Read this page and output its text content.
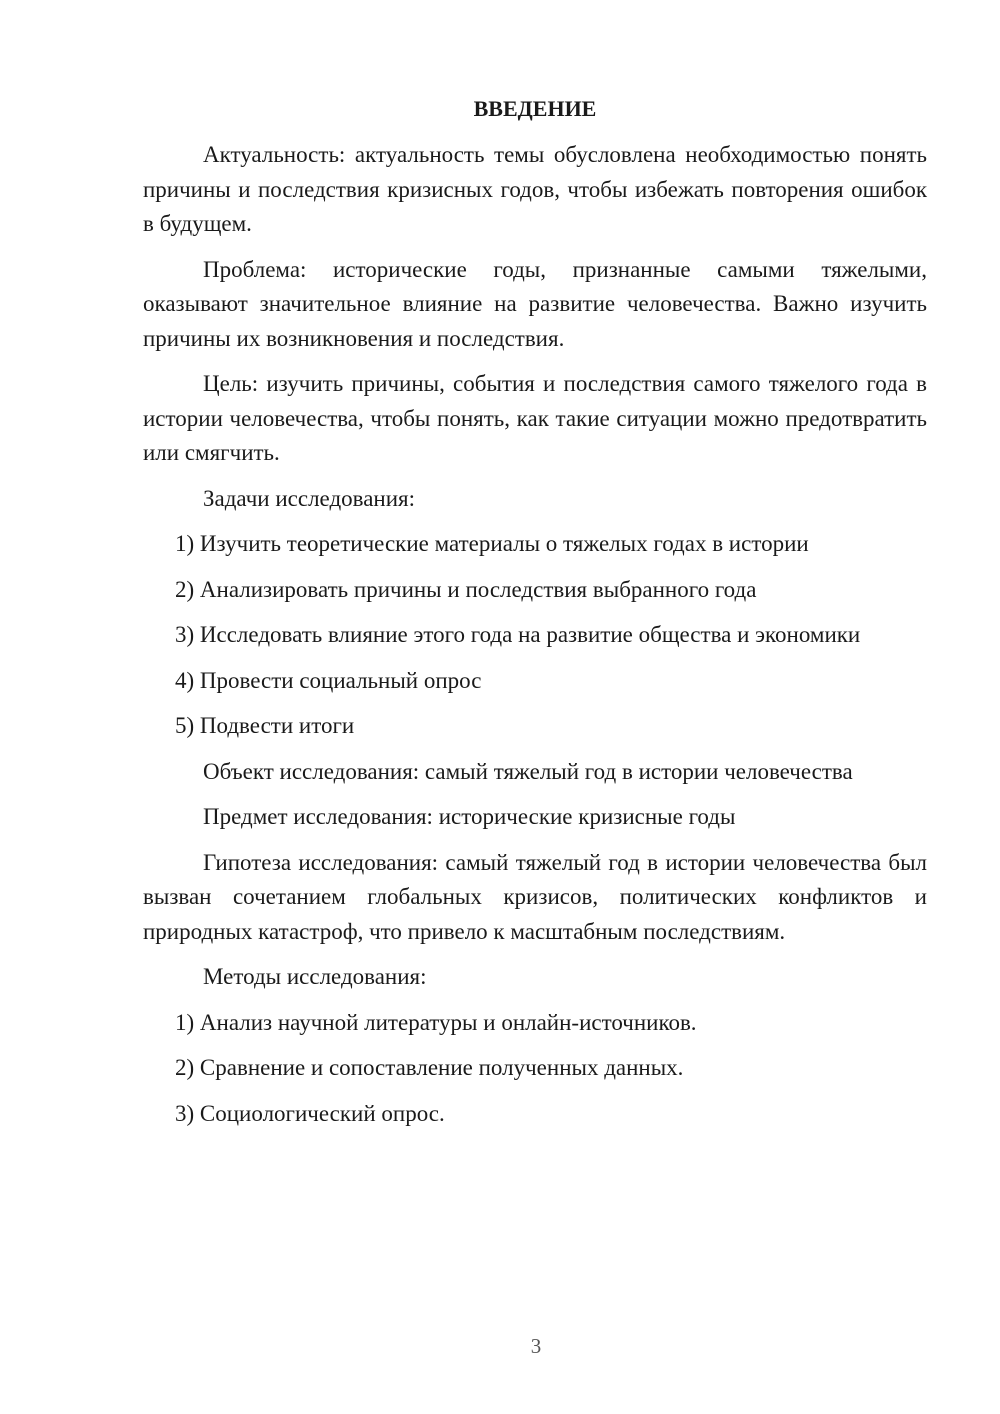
ВВЕДЕНИЕ

Актуальность: актуальность темы обусловлена необходимостью понять причины и последствия кризисных годов, чтобы избежать повторения ошибок в будущем.

Проблема: исторические годы, признанные самыми тяжелыми, оказывают значительное влияние на развитие человечества. Важно изучить причины их возникновения и последствия.

Цель: изучить причины, события и последствия самого тяжелого года в истории человечества, чтобы понять, как такие ситуации можно предотвратить или смягчить.

Задачи исследования:
1) Изучить теоретические материалы о тяжелых годах в истории
2) Анализировать причины и последствия выбранного года
3) Исследовать влияние этого года на развитие общества и экономики
4) Провести социальный опрос
5) Подвести итоги
Объект исследования: самый тяжелый год в истории человечества
Предмет исследования: исторические кризисные годы

Гипотеза исследования: самый тяжелый год в истории человечества был вызван сочетанием глобальных кризисов, политических конфликтов и природных катастроф, что привело к масштабным последствиям.

Методы исследования:
1) Анализ научной литературы и онлайн-источников.
2) Сравнение и сопоставление полученных данных.
3) Социологический опрос.
3
